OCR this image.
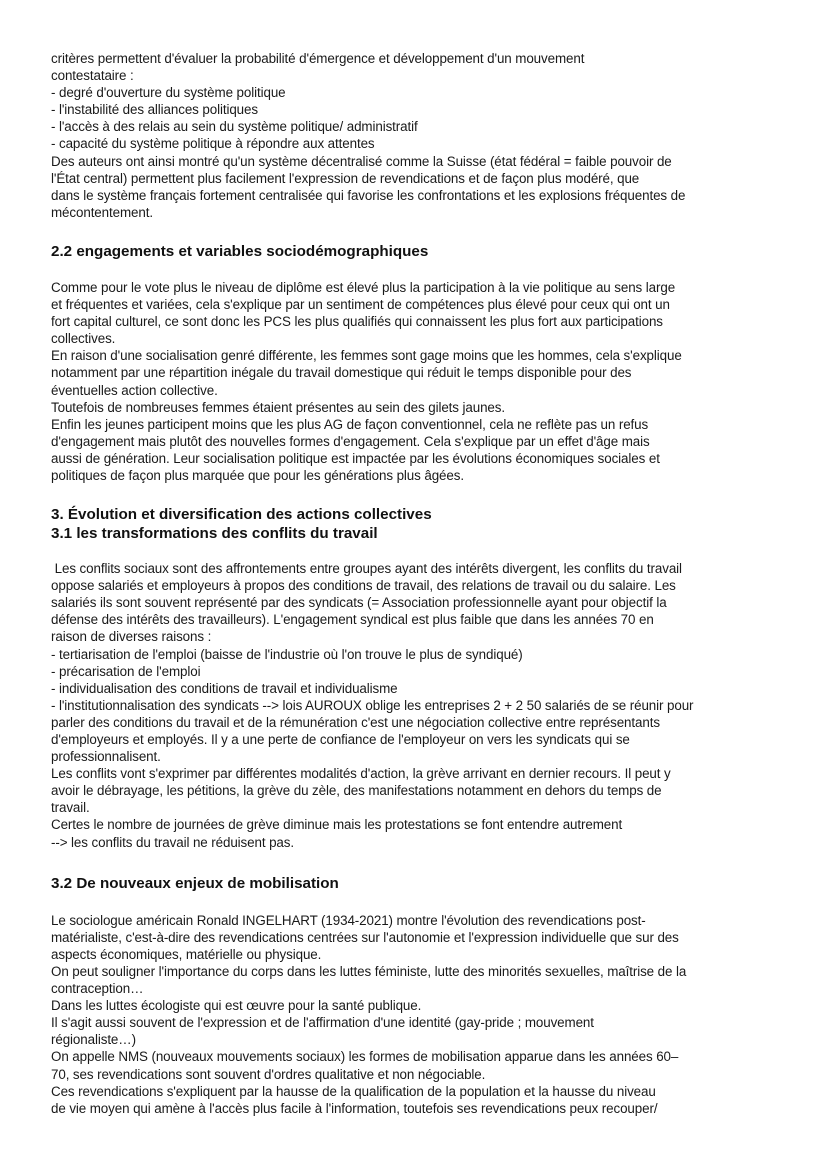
critères permettent d'évaluer la probabilité d'émergence et développement d'un mouvement

contestataire :

- degré d'ouverture du système politique

- l'instabilité des alliances politiques

- l'accès à des relais au sein du système politique/ administratif

- capacité du système politique à répondre aux attentes

Des auteurs ont ainsi montré qu'un système décentralisé comme la Suisse (état fédéral = faible pouvoir de

l'État central) permettent plus facilement l'expression de revendications et de façon plus modéré, que

dans le système français fortement centralisée qui favorise les confrontations et les explosions fréquentes de

mécontentement.

2.2 engagements et variables sociodémographiques

Comme pour le vote plus le niveau de diplôme est élevé plus la participation à la vie politique au sens large

et fréquentes et variées, cela s'explique par un sentiment de compétences plus élevé pour ceux qui ont un

fort capital culturel, ce sont donc les PCS les plus qualifiés qui connaissent les plus fort aux participations

collectives.

En raison d'une socialisation genré différente, les femmes sont gage moins que les hommes, cela s'explique

notamment par une répartition inégale du travail domestique qui réduit le temps disponible pour des

éventuelles action collective.

Toutefois de nombreuses femmes étaient présentes au sein des gilets jaunes.

Enfin les jeunes participent moins que les plus AG de façon conventionnel, cela ne reflète pas un refus

d'engagement mais plutôt des nouvelles formes d'engagement. Cela s'explique par un effet d'âge mais

aussi de génération. Leur socialisation politique est impactée par les évolutions économiques sociales et

politiques de façon plus marquée que pour les générations plus âgées.

3. Évolution et diversification des actions collectives
3.1 les transformations des conflits du travail

Les conflits sociaux sont des affrontements entre groupes ayant des intérêts divergent, les conflits du travail

oppose salariés et employeurs à propos des conditions de travail, des relations de travail ou du salaire. Les

salariés ils sont souvent représenté par des syndicats (= Association professionnelle ayant pour objectif la

défense des intérêts des travailleurs). L'engagement syndical est plus faible que dans les années 70 en

raison de diverses raisons :

- tertiarisation de l'emploi (baisse de l'industrie où l'on trouve le plus de syndiqué)

- précarisation de l'emploi

- individualisation des conditions de travail et individualisme

- l'institutionnalisation des syndicats --> lois AUROUX oblige les entreprises 2 + 2 50 salariés de se réunir pour

parler des conditions du travail et de la rémunération c'est une négociation collective entre représentants

d'employeurs et employés. Il y a une perte de confiance de l'employeur on vers les syndicats qui se

professionnalisent.

Les conflits vont s'exprimer par différentes modalités d'action, la grève arrivant en dernier recours. Il peut y

avoir le débrayage, les pétitions, la grève du zèle, des manifestations notamment en dehors du temps de

travail.

Certes le nombre de journées de grève diminue mais les protestations se font entendre autrement

--> les conflits du travail ne réduisent pas.

3.2 De nouveaux enjeux de mobilisation

Le sociologue américain Ronald INGELHART (1934-2021) montre l'évolution des revendications post-

matérialiste, c'est-à-dire des revendications centrées sur l'autonomie et l'expression individuelle que sur des

aspects économiques, matérielle ou physique.

On peut souligner l'importance du corps dans les luttes féministe, lutte des minorités sexuelles, maîtrise de la

contraception…

Dans les luttes écologiste qui est œuvre pour la santé publique.

Il s'agit aussi souvent de l'expression et de l'affirmation d'une identité (gay-pride ; mouvement

régionaliste…)

On appelle NMS (nouveaux mouvements sociaux) les formes de mobilisation apparue dans les années 60–

70, ses revendications sont souvent d'ordres qualitative et non négociable.

Ces revendications s'expliquent par la hausse de la qualification de la population et la hausse du niveau

de vie moyen qui amène à l'accès plus facile à l'information, toutefois ses revendications peux recouper/
